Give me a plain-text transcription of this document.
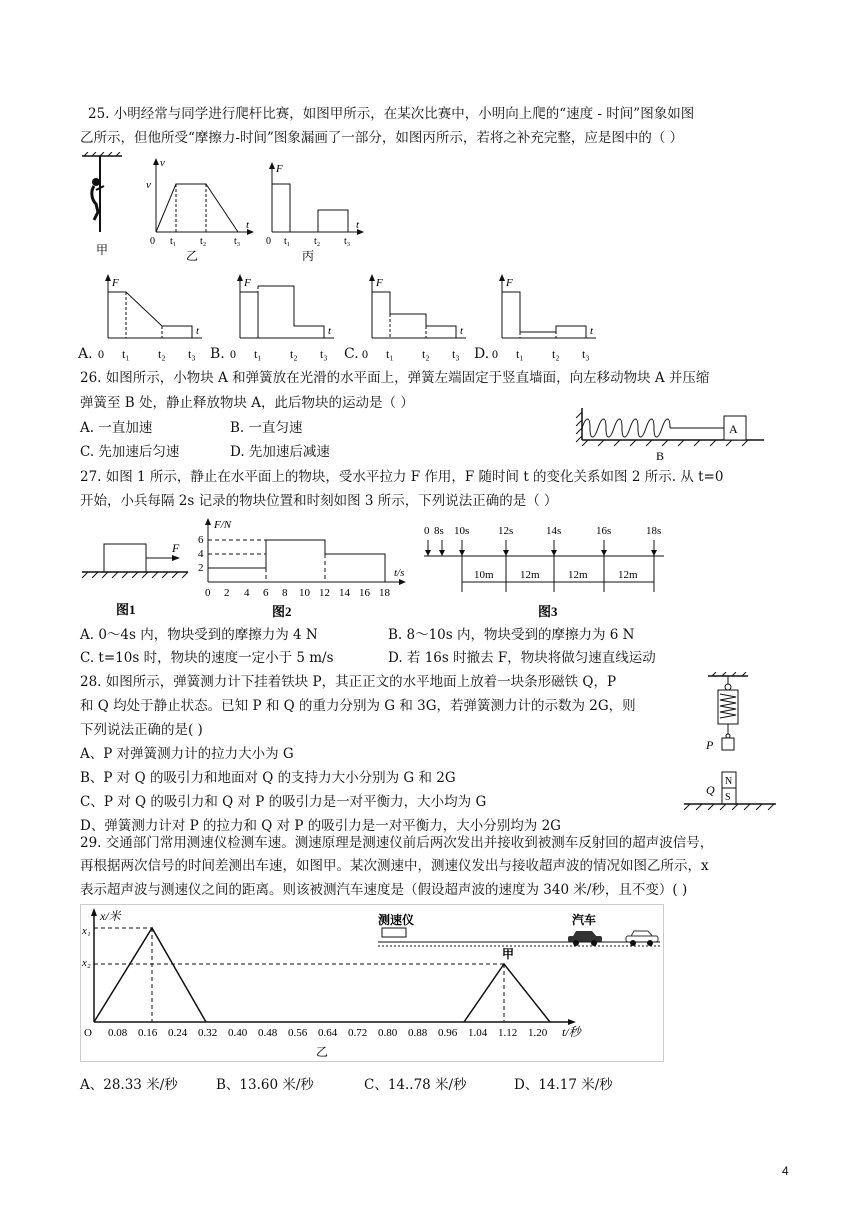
25. 小明经常与同学进行爬杆比赛，如图甲所示，在某次比赛中，小明向上爬的“速度 - 时间”图象如图
乙所示，但他所受“摩擦力-时间”图象漏画了一部分，如图丙所示，若将之补充完整，应是图中的（ ）
甲
v
v
t
0 t₁ t₂	t₃
乙
F
t
0 t₁ t₂ t₃
丙
A.
F
t
0 t₁ t₂ t₃ B.
F
t
0 t₁ t₂ t₃ C.
F
t
0 t₁ t₂ t₃ D.
F
t
0 t₁ t₂ t₃
26. 如图所示，小物块 A 和弹簧放在光滑的水平面上，弹簧左端固定于竖直墙面，向左移动物块 A 并压缩
弹簧至 B 处，静止释放物块 A，此后物块的运动是（ ）
A. 一直加速	B. 一直匀速
C. 先加速后匀速	D. 先加速后减速
A
B
27. 如图 1 所示，静止在水平面上的物块，受水平拉力 F 作用，F 随时间 t 的变化关系如图 2 所示. 从 t=0
开始，小兵每隔 2s 记录的物块位置和时刻如图 3 所示，下列说法正确的是（ ）
F
图1
F/N
t/s
6
4
2
0 2 4 6 8 10 12 14 16 18
图2
0 8s 10s	12s	14s	16s	18s
10m 12m	12m	12m
图3
A. 0～4s 内，物块受到的摩擦力为 4 N	B. 8～10s 内，物块受到的摩擦力为 6 N
C. t=10s 时，物块的速度一定小于 5 m/s	D. 若 16s 时撤去 F，物块将做匀速直线运动
28. 如图所示，弹簧测力计下挂着铁块 P，其正正文的水平地面上放着一块条形磁铁 Q，P
和 Q 均处于静止状态。已知 P 和 Q 的重力分别为 G 和 3G，若弹簧测力计的示数为 2G，则
下列说法正确的是( )
A、P 对弹簧测力计的拉力大小为 G
B、P 对 Q 的吸引力和地面对 Q 的支持力大小分别为 G 和 2G
C、P 对 Q 的吸引力和 Q 对 P 的吸引力是一对平衡力，大小均为 G
D、弹簧测力计对 P 的拉力和 Q 对 P 的吸引力是一对平衡力，大小分别均为 2G
P
N
S
Q
29. 交通部门常用测速仪检测车速。测速原理是测速仪前后两次发出并接收到被测车反射回的超声波信号，
再根据两次信号的时间差测出车速，如图甲。某次测速中，测速仪发出与接收超声波的情况如图乙所示，x
表示超声波与测速仪之间的距离。则该被测汽车速度是（假设超声波的速度为 340 米/秒，且不变）( )
x/米
x₁
x₂
t/秒
O 0.08 0.16 0.24 0.32 0.40 0.48 0.56 0.64 0.72 0.80 0.88 0.96 1.04 1.12 1.20
乙
测速仪	汽车
甲
A、28.33 米/秒	B、13.60 米/秒	C、14..78 米/秒	D、14.17 米/秒
4
